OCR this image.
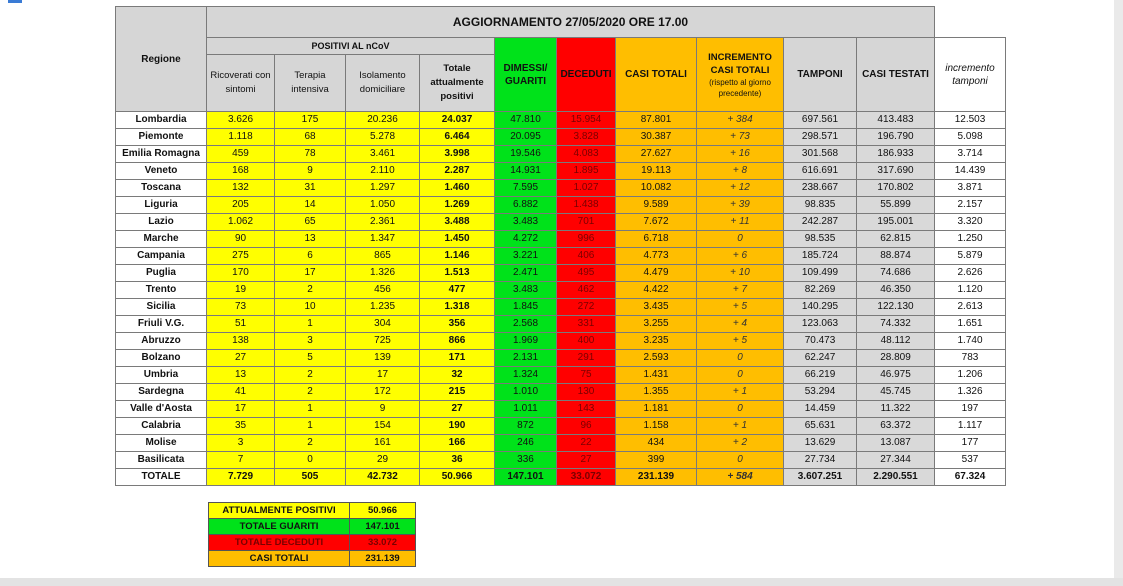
Regione	AGGIORNAMENTO 27/05/2020 ORE 17.00										
	POSITIVI AL nCoV				DIMESSI/ GUARITI	DECEDUTI	CASI TOTALI	INCREMENTO CASI TOTALI
(rispetto al giorno precedente)	TAMPONI	CASI TESTATI	incremento tamponi
	Ricoverati con sintomi	Terapia intensiva	Isolamento domiciliare	Totale attualmente positivi							
Lombardia	3.626	175	20.236	24.037	47.810	15.954	87.801	+ 384	697.561	413.483	12.503
Piemonte	1.118	68	5.278	6.464	20.095	3.828	30.387	+ 73	298.571	196.790	5.098
Emilia Romagna	459	78	3.461	3.998	19.546	4.083	27.627	+ 16	301.568	186.933	3.714
Veneto	168	9	2.110	2.287	14.931	1.895	19.113	+ 8	616.691	317.690	14.439
Toscana	132	31	1.297	1.460	7.595	1.027	10.082	+ 12	238.667	170.802	3.871
Liguria	205	14	1.050	1.269	6.882	1.438	9.589	+ 39	98.835	55.899	2.157
Lazio	1.062	65	2.361	3.488	3.483	701	7.672	+ 11	242.287	195.001	3.320
Marche	90	13	1.347	1.450	4.272	996	6.718	0	98.535	62.815	1.250
Campania	275	6	865	1.146	3.221	406	4.773	+ 6	185.724	88.874	5.879
Puglia	170	17	1.326	1.513	2.471	495	4.479	+ 10	109.499	74.686	2.626
Trento	19	2	456	477	3.483	462	4.422	+ 7	82.269	46.350	1.120
Sicilia	73	10	1.235	1.318	1.845	272	3.435	+ 5	140.295	122.130	2.613
Friuli V.G.	51	1	304	356	2.568	331	3.255	+ 4	123.063	74.332	1.651
Abruzzo	138	3	725	866	1.969	400	3.235	+ 5	70.473	48.112	1.740
Bolzano	27	5	139	171	2.131	291	2.593	0	62.247	28.809	783
Umbria	13	2	17	32	1.324	75	1.431	0	66.219	46.975	1.206
Sardegna	41	2	172	215	1.010	130	1.355	+ 1	53.294	45.745	1.326
Valle d'Aosta	17	1	9	27	1.011	143	1.181	0	14.459	11.322	197
Calabria	35	1	154	190	872	96	1.158	+ 1	65.631	63.372	1.117
Molise	3	2	161	166	246	22	434	+ 2	13.629	13.087	177
Basilicata	7	0	29	36	336	27	399	0	27.734	27.344	537
TOTALE	7.729	505	42.732	50.966	147.101	33.072	231.139	+ 584	3.607.251	2.290.551	67.324
ATTUALMENTE POSITIVI	50.966
TOTALE GUARITI	147.101
TOTALE DECEDUTI	33.072
CASI TOTALI	231.139
